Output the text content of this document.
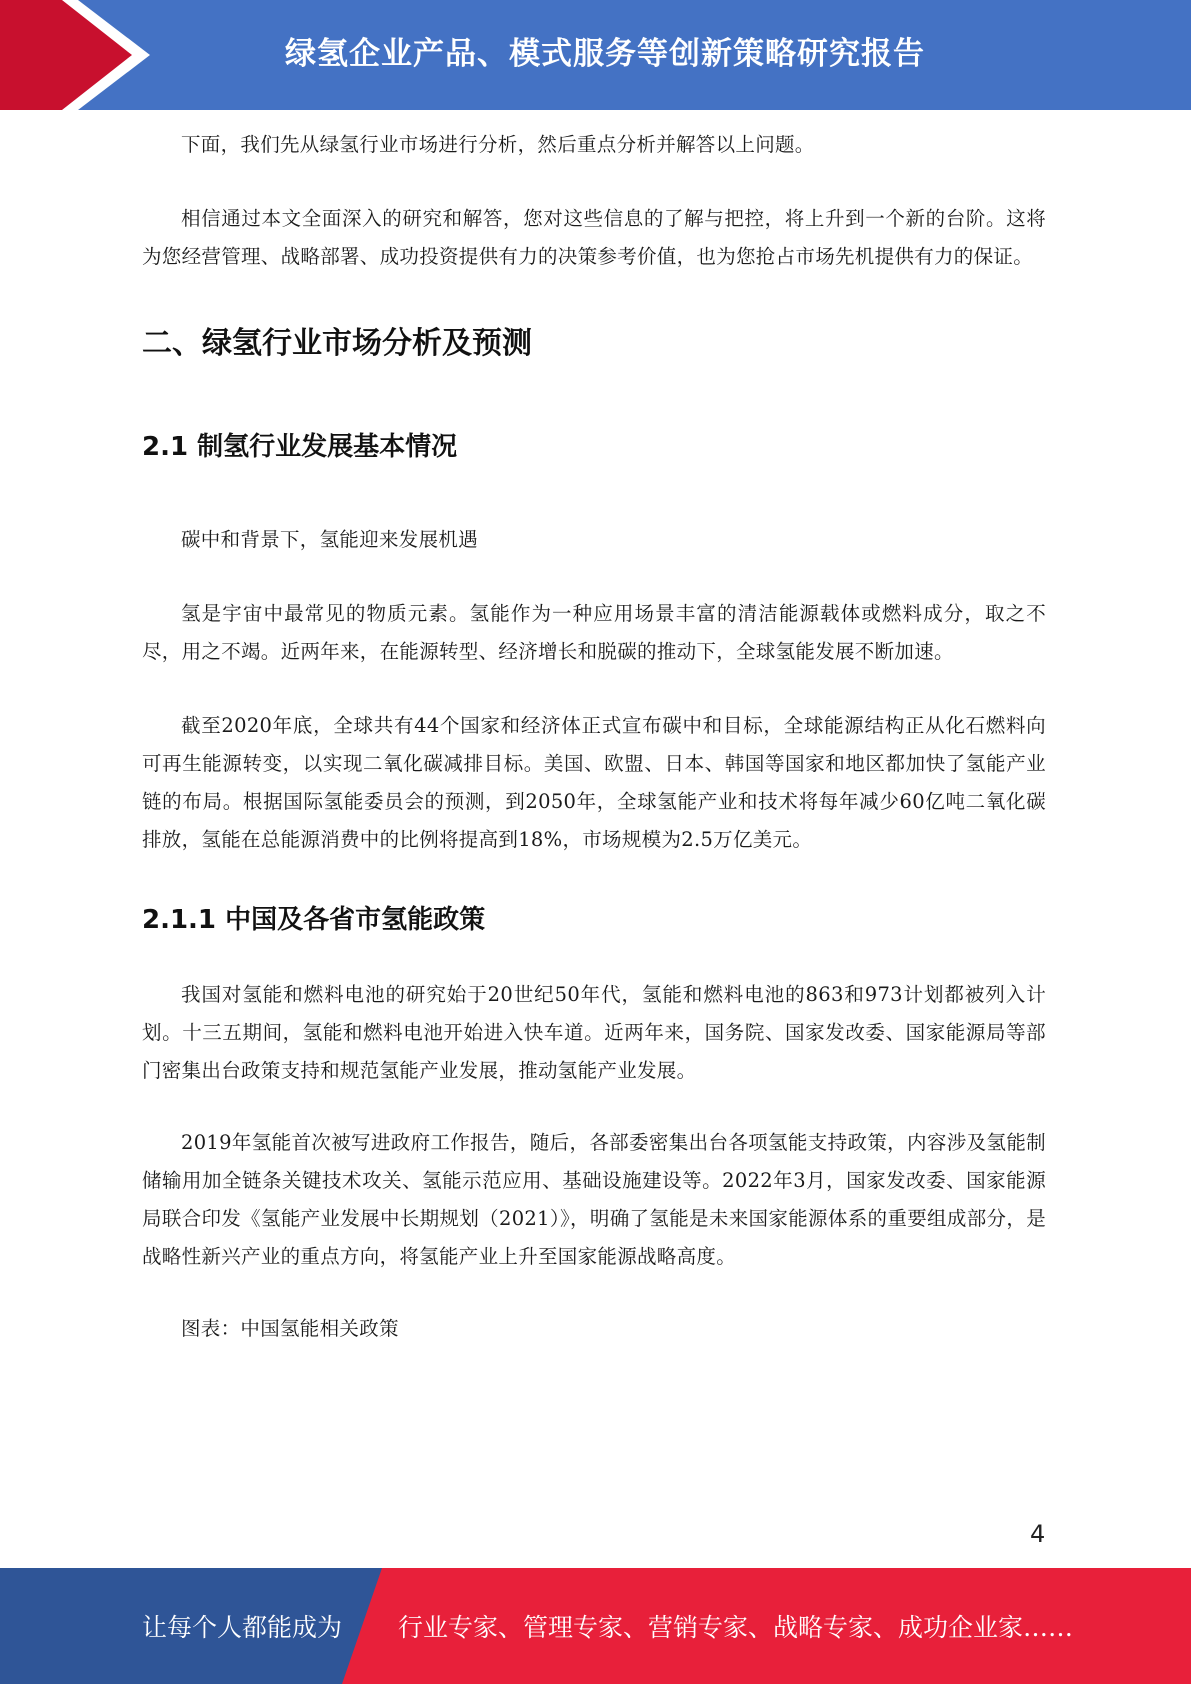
绿氢企业产品、模式服务等创新策略研究报告

下面，我们先从绿氢行业市场进行分析，然后重点分析并解答以上问题。

相信通过本文全面深入的研究和解答，您对这些信息的了解与把控，将上升到一个新的台阶。这将为您经营管理、战略部署、成功投资提供有力的决策参考价值，也为您抢占市场先机提供有力的保证。

二、绿氢行业市场分析及预测
2.1 制氢行业发展基本情况

碳中和背景下，氢能迎来发展机遇

氢是宇宙中最常见的物质元素。氢能作为一种应用场景丰富的清洁能源载体或燃料成分，取之不尽，用之不竭。近两年来，在能源转型、经济增长和脱碳的推动下，全球氢能发展不断加速。

截至2020年底，全球共有44个国家和经济体正式宣布碳中和目标，全球能源结构正从化石燃料向可再生能源转变，以实现二氧化碳减排目标。美国、欧盟、日本、韩国等国家和地区都加快了氢能产业链的布局。根据国际氢能委员会的预测，到2050年，全球氢能产业和技术将每年减少60亿吨二氧化碳排放，氢能在总能源消费中的比例将提高到18%，市场规模为2.5万亿美元。

2.1.1 中国及各省市氢能政策

我国对氢能和燃料电池的研究始于20世纪50年代，氢能和燃料电池的863和973计划都被列入计划。十三五期间，氢能和燃料电池开始进入快车道。近两年来，国务院、国家发改委、国家能源局等部门密集出台政策支持和规范氢能产业发展，推动氢能产业发展。

2019年氢能首次被写进政府工作报告，随后，各部委密集出台各项氢能支持政策，内容涉及氢能制储输用加全链条关键技术攻关、氢能示范应用、基础设施建设等。2022年3月，国家发改委、国家能源局联合印发《氢能产业发展中长期规划（2021）》，明确了氢能是未来国家能源体系的重要组成部分，是战略性新兴产业的重点方向，将氢能产业上升至国家能源战略高度。

图表：中国氢能相关政策

4
让每个人都能成为 行业专家、管理专家、营销专家、战略专家、成功企业家……
